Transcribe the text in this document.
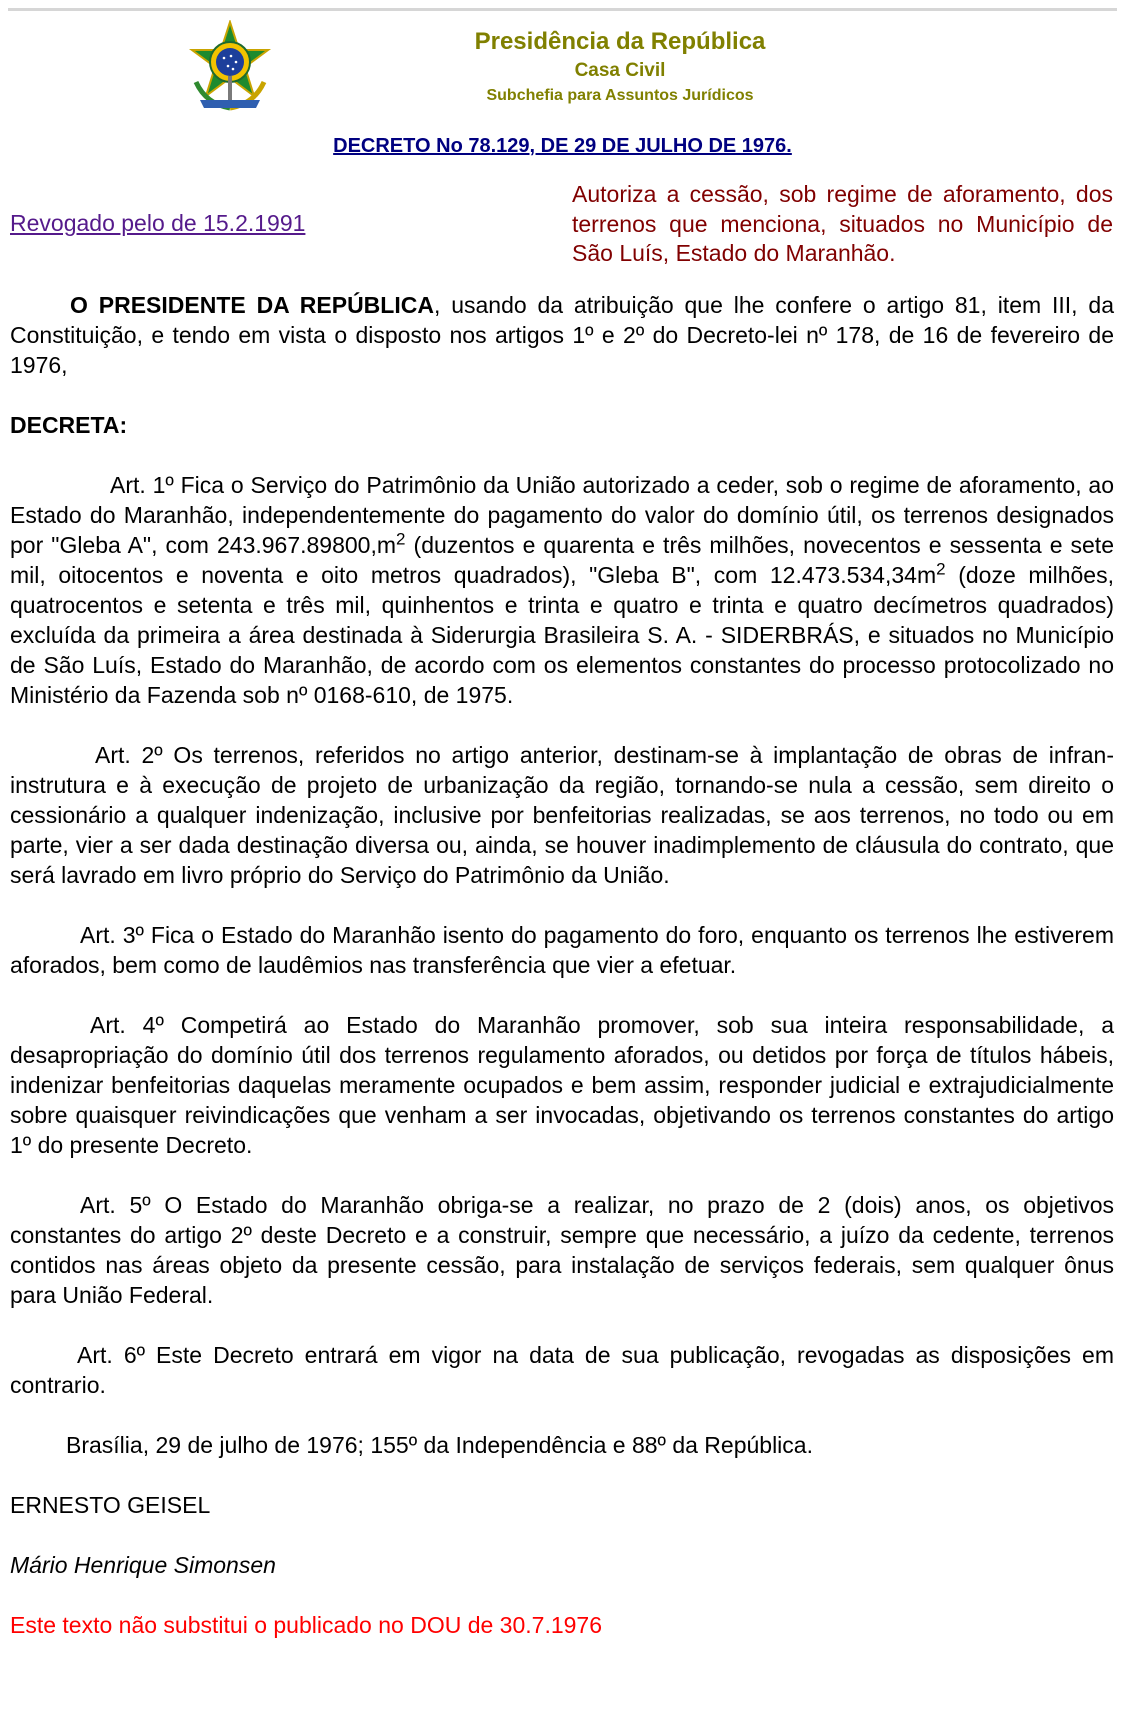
Presidência da República
Casa Civil
Subchefia para Assuntos Jurídicos
DECRETO No 78.129, DE 29 DE JULHO DE 1976.
Revogado pelo de 15.2.1991
Autoriza a cessão, sob regime de aforamento, dos terrenos que menciona, situados no Município de São Luís, Estado do Maranhão.

O PRESIDENTE DA REPÚBLICA, usando da atribuição que lhe confere o artigo 81, item III, da Constituição, e tendo em vista o disposto nos artigos 1º e 2º do Decreto-lei nº 178, de 16 de fevereiro de 1976,

DECRETA:

Art. 1º Fica o Serviço do Patrimônio da União autorizado a ceder, sob o regime de aforamento, ao Estado do Maranhão, independentemente do pagamento do valor do domínio útil, os terrenos designados por "Gleba A", com $243.967.89800,m^2$ (duzentos e quarenta e três milhões, novecentos e sessenta e sete mil, oitocentos e noventa e oito metros quadrados), "Gleba B", com $12.473.534,34m^2$ (doze milhões, quatrocentos e setenta e três mil, quinhentos e trinta e quatro e trinta e quatro decímetros quadrados) excluída da primeira a área destinada à Siderurgia Brasileira S. A. - SIDERBRÁS, e situados no Município de São Luís, Estado do Maranhão, de acordo com os elementos constantes do processo protocolizado no Ministério da Fazenda sob nº 0168-610, de 1975.

Art. 2º Os terrenos, referidos no artigo anterior, destinam-se à implantação de obras de infran-instrutura e à execução de projeto de urbanização da região, tornando-se nula a cessão, sem direito o cessionário a qualquer indenização, inclusive por benfeitorias realizadas, se aos terrenos, no todo ou em parte, vier a ser dada destinação diversa ou, ainda, se houver inadimplemento de cláusula do contrato, que será lavrado em livro próprio do Serviço do Patrimônio da União.

Art. 3º Fica o Estado do Maranhão isento do pagamento do foro, enquanto os terrenos lhe estiverem aforados, bem como de laudêmios nas transferência que vier a efetuar.

Art. 4º Competirá ao Estado do Maranhão promover, sob sua inteira responsabilidade, a desapropriação do domínio útil dos terrenos regulamento aforados, ou detidos por força de títulos hábeis, indenizar benfeitorias daquelas meramente ocupados e bem assim, responder judicial e extrajudicialmente sobre quaisquer reivindicações que venham a ser invocadas, objetivando os terrenos constantes do artigo 1º do presente Decreto.

Art. 5º O Estado do Maranhão obriga-se a realizar, no prazo de 2 (dois) anos, os objetivos constantes do artigo 2º deste Decreto e a construir, sempre que necessário, a juízo da cedente, terrenos contidos nas áreas objeto da presente cessão, para instalação de serviços federais, sem qualquer ônus para União Federal.

Art. 6º Este Decreto entrará em vigor na data de sua publicação, revogadas as disposições em contrario.

Brasília, 29 de julho de 1976; 155º da Independência e 88º da República.

ERNESTO GEISEL

Mário Henrique Simonsen

Este texto não substitui o publicado no DOU de 30.7.1976
